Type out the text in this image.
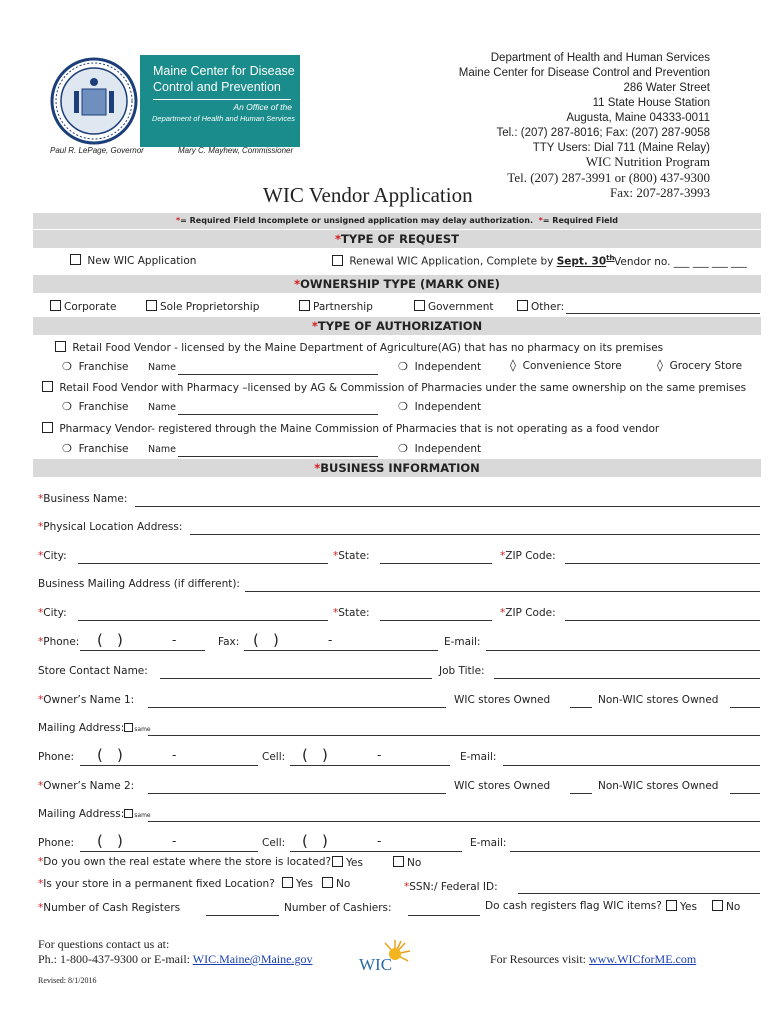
Maine Center for Disease
Control and Prevention
An Office of the
Department of Health and Human Services
Paul R. LePage, Governor	Mary C. Mayhew, Commissioner
Department of Health and Human Services
Maine Center for Disease Control and Prevention
286 Water Street
11 State House Station
Augusta, Maine 04333-0011
Tel.: (207) 287-8016; Fax: (207) 287-9058
TTY Users: Dial 711 (Maine Relay)
WIC Nutrition Program
Tel. (207) 287-3991 or (800) 437-9300
Fax: 207-287-3993
WIC Vendor Application
*= Required Field Incomplete or unsigned application may delay authorization. *= Required Field
*TYPE OF REQUEST
New WIC Application	Renewal WIC Application, Complete by Sept. 30th Vendor no. ___ ___ ___ ___
*OWNERSHIP TYPE (MARK ONE)
Corporate	Sole Proprietorship	Partnership	Government	Other:
*TYPE OF AUTHORIZATION
Retail Food Vendor - licensed by the Maine Department of Agriculture(AG) that has no pharmacy on its premises
❍ Franchise Name	❍ Independent ◊ Convenience Store	◊ Grocery Store
Retail Food Vendor with Pharmacy –licensed by AG & Commission of Pharmacies under the same ownership on the same premises
❍ Franchise Name	❍ Independent
Pharmacy Vendor- registered through the Maine Commission of Pharmacies that is not operating as a food vendor
❍ Franchise Name	❍ Independent
*BUSINESS INFORMATION
*Business Name:
*Physical Location Address:
*City:	*State:	*ZIP Code:
Business Mailing Address (if different):
*City:	*State:	*ZIP Code:
*Phone: ( )	-	Fax: ( )	-	E-mail:
Store Contact Name:	Job Title:
*Owner’s Name 1:	WIC stores Owned	Non-WIC stores Owned
Mailing Address: same
Phone: ( )	-	Cell: ( )	-	E-mail:
*Owner’s Name 2:	WIC stores Owned	Non-WIC stores Owned
Mailing Address: same
Phone: ( )	-	Cell: ( )	-	E-mail:
*Do you own the real estate where the store is located?	Yes	No
*Is your store in a permanent fixed Location?	Yes	No	*SSN:/ Federal ID:
*Number of Cash Registers	Number of Cashiers:	Do cash registers flag WIC items?	Yes	No
For questions contact us at:
Ph.: 1-800-437-9300 or E-mail: WIC.Maine@Maine.gov
Revised: 8/1/2016
WIC	For Resources visit: www.WICforME.com
